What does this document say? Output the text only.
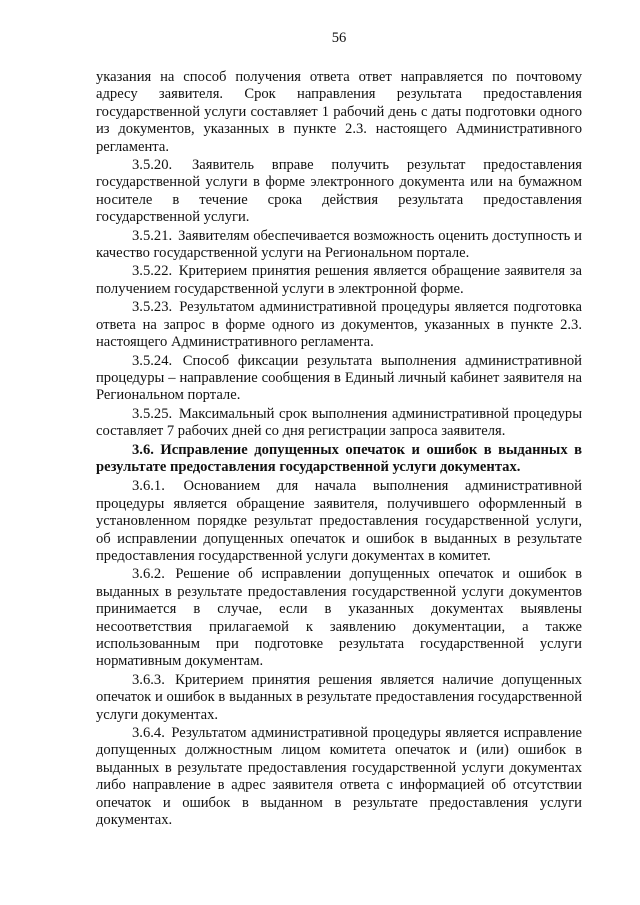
56

указания на способ получения ответа ответ направляется по почтовому адресу заявителя. Срок направления результата предоставления государственной услуги составляет 1 рабочий день с даты подготовки одного из документов, указанных в пункте 2.3. настоящего Административного регламента.

3.5.20. Заявитель вправе получить результат предоставления государственной услуги в форме электронного документа или на бумажном носителе в течение срока действия результата предоставления государственной услуги.

3.5.21. Заявителям обеспечивается возможность оценить доступность и качество государственной услуги на Региональном портале.

3.5.22. Критерием принятия решения является обращение заявителя за получением государственной услуги в электронной форме.

3.5.23. Результатом административной процедуры является подготовка ответа на запрос в форме одного из документов, указанных в пункте 2.3. настоящего Административного регламента.

3.5.24. Способ фиксации результата выполнения административной процедуры – направление сообщения в Единый личный кабинет заявителя на Региональном портале.

3.5.25. Максимальный срок выполнения административной процедуры составляет 7 рабочих дней со дня регистрации запроса заявителя.

3.6. Исправление допущенных опечаток и ошибок в выданных в результате предоставления государственной услуги документах.

3.6.1. Основанием для начала выполнения административной процедуры является обращение заявителя, получившего оформленный в установленном порядке результат предоставления государственной услуги, об исправлении допущенных опечаток и ошибок в выданных в результате предоставления государственной услуги документах в комитет.

3.6.2. Решение об исправлении допущенных опечаток и ошибок в выданных в результате предоставления государственной услуги документов принимается в случае, если в указанных документах выявлены несоответствия прилагаемой к заявлению документации, а также использованным при подготовке результата государственной услуги нормативным документам.

3.6.3. Критерием принятия решения является наличие допущенных опечаток и ошибок в выданных в результате предоставления государственной услуги документах.

3.6.4. Результатом административной процедуры является исправление допущенных должностным лицом комитета опечаток и (или) ошибок в выданных в результате предоставления государственной услуги документах либо направление в адрес заявителя ответа с информацией об отсутствии опечаток и ошибок в выданном в результате предоставления услуги документах.
